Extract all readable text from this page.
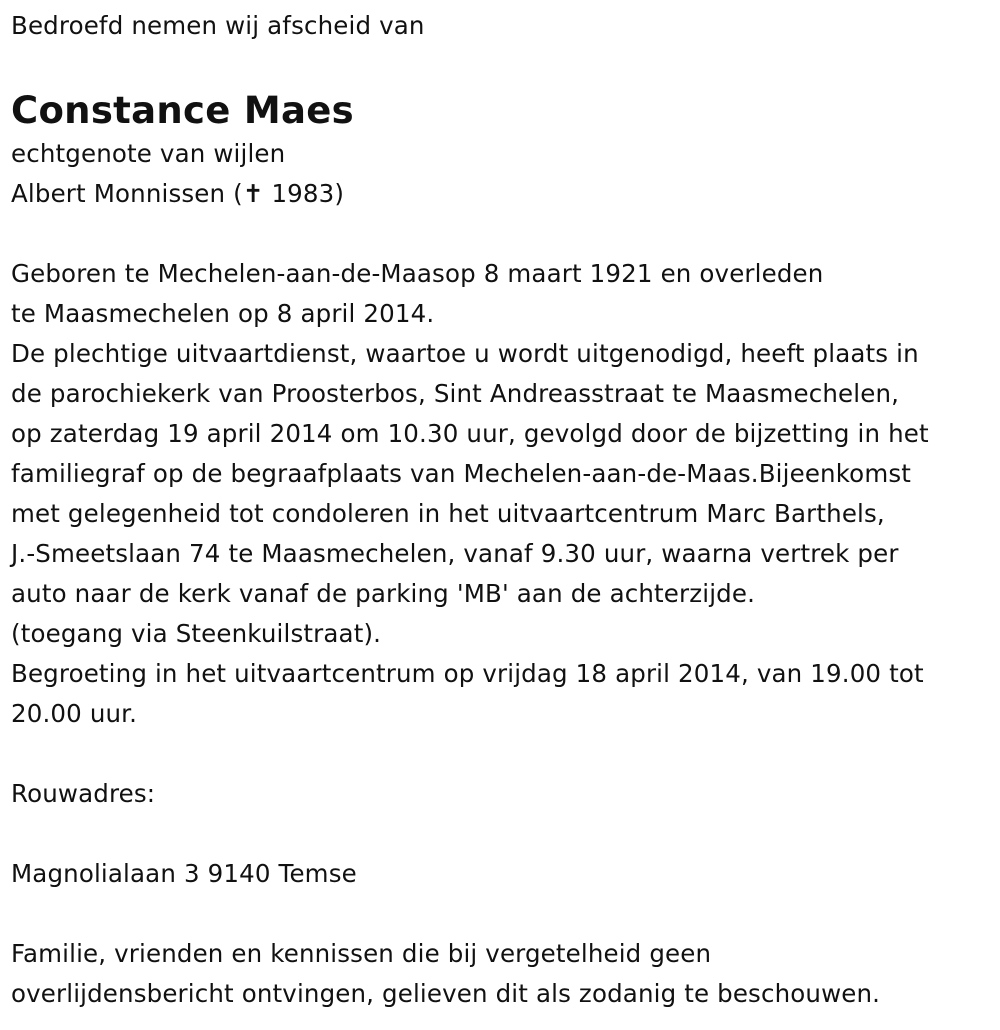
Bedroefd nemen wij afscheid van
Constance Maes
echtgenote van wijlen
Albert Monnissen (✝ 1983)
Geboren te Mechelen-aan-de-Maasop 8 maart 1921 en overleden
te Maasmechelen op 8 april 2014.
De plechtige uitvaartdienst, waartoe u wordt uitgenodigd, heeft plaats in
de parochiekerk van Proosterbos, Sint Andreasstraat te Maasmechelen,
op zaterdag 19 april 2014 om 10.30 uur, gevolgd door de bijzetting in het
familiegraf op de begraafplaats van Mechelen-aan-de-Maas.Bijeenkomst
met gelegenheid tot condoleren in het uitvaartcentrum Marc Barthels,
J.-Smeetslaan 74 te Maasmechelen, vanaf 9.30 uur, waarna vertrek per
auto naar de kerk vanaf de parking 'MB' aan de achterzijde.
(toegang via Steenkuilstraat).
Begroeting in het uitvaartcentrum op vrijdag 18 april 2014, van 19.00 tot
20.00 uur.
Rouwadres:
Magnolialaan 3 9140 Temse
Familie, vrienden en kennissen die bij vergetelheid geen
overlijdensbericht ontvingen, gelieven dit als zodanig te beschouwen.
